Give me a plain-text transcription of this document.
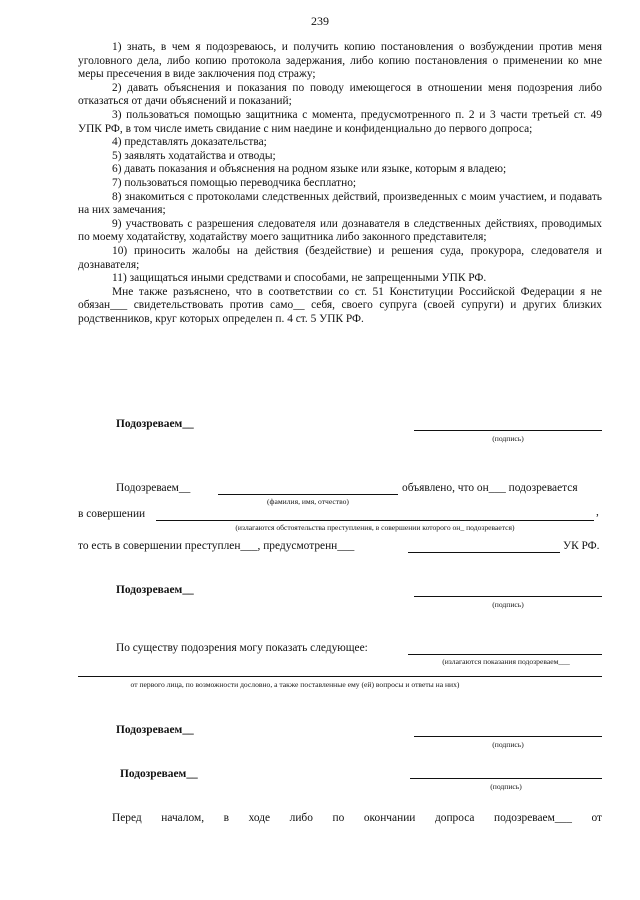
239

1) знать, в чем я подозреваюсь, и получить копию постановления о возбуждении против меня уголовного дела, либо копию протокола задержания, либо копию постановления о применении ко мне меры пресечения в виде заключения под стражу;

2) давать объяснения и показания по поводу имеющегося в отношении меня подозрения либо отказаться от дачи объяснений и показаний;

3) пользоваться помощью защитника с момента, предусмотренного п. 2 и 3 части третьей ст. 49 УПК РФ, в том числе иметь свидание с ним наедине и конфиденциально до первого допроса;

4) представлять доказательства;

5) заявлять ходатайства и отводы;

6) давать показания и объяснения на родном языке или языке, которым я владею;

7) пользоваться помощью переводчика бесплатно;

8) знакомиться с протоколами следственных действий, произведенных с моим участием, и подавать на них замечания;

9) участвовать с разрешения следователя или дознавателя в следственных действиях, проводимых по моему ходатайству, ходатайству моего защитника либо законного представителя;

10) приносить жалобы на действия (бездействие) и решения суда, прокурора, следователя и дознавателя;

11) защищаться иными средствами и способами, не запрещенными УПК РФ.

Мне также разъяснено, что в соответствии со ст. 51 Конституции Российской Федерации я не обязан___ свидетельствовать против само__ себя, своего супруга (своей супруги) и других близких родственников, круг которых определен п. 4 ст. 5 УПК РФ.

Подозреваем__
(подпись)
Подозреваем__	объявлено, что он___ подозревается
(фамилия, имя, отчество)
в совершении	,
(излагаются обстоятельства преступления, в совершении которого он_ подозревается)
то есть в совершении преступлен___, предусмотренн___	УК РФ.
Подозреваем__
(подпись)
По существу подозрения могу показать следующее:
(излагаются показания подозреваем___
от первого лица, по возможности дословно, а также поставленные ему (ей) вопросы и ответы на них)
Подозреваем__
(подпись)
Подозреваем__
(подпись)
Перед началом, в ходе либо по окончании допроса подозреваем___ от
